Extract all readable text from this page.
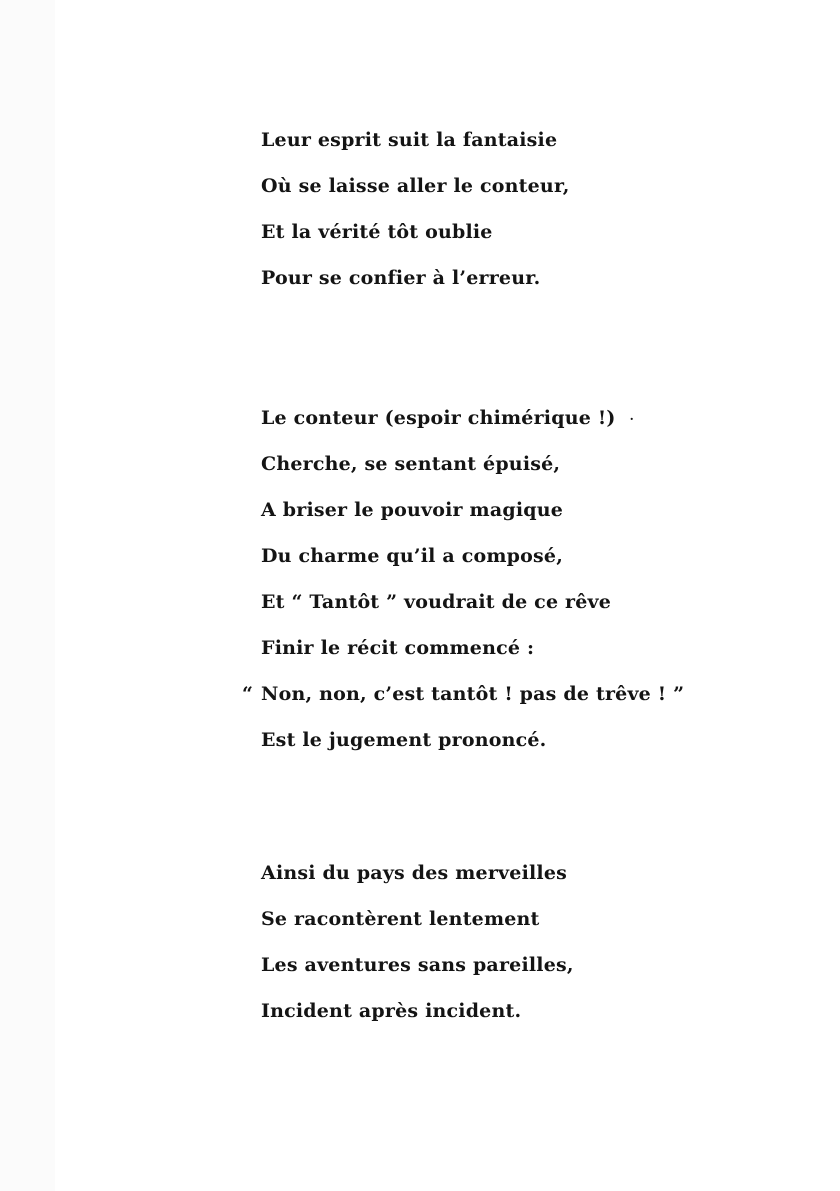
Leur esprit suit la fantaisie
Où se laisse aller le conteur,
Et la vérité tôt oublie
Pour se confier à l’erreur.
Le conteur (espoir chimérique !) ·
Cherche, se sentant épuisé,
A briser le pouvoir magique
Du charme qu’il a composé,
Et “ Tantôt ” voudrait de ce rêve
Finir le récit commencé :
“ Non, non, c’est tantôt ! pas de trêve ! ”
Est le jugement prononcé.
Ainsi du pays des merveilles
Se racontèrent lentement
Les aventures sans pareilles,
Incident après incident.
